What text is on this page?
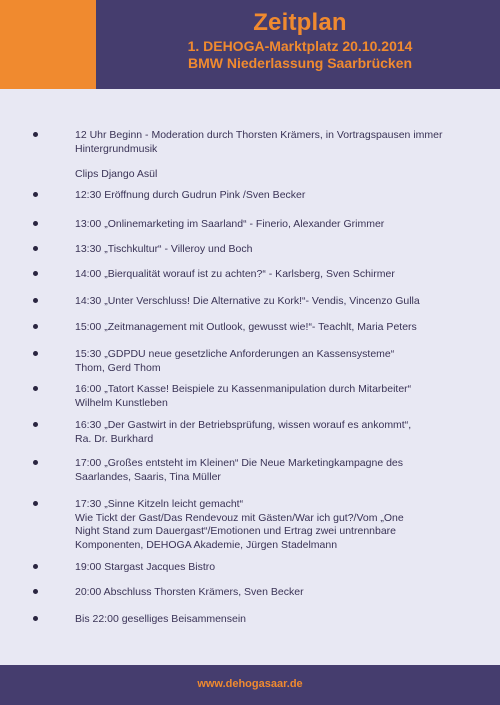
Zeitplan
1. DEHOGA-Marktplatz 20.10.2014
BMW Niederlassung Saarbrücken
12 Uhr Beginn - Moderation durch Thorsten Krämers, in Vortragspausen immer
Hintergrundmusik
Clips Django Asül
12:30 Eröffnung durch Gudrun Pink /Sven Becker
13:00 „Onlinemarketing im Saarland“ - Finerio, Alexander Grimmer
13:30 „Tischkultur“ - Villeroy und Boch
14:00 „Bierqualität worauf ist zu achten?“ - Karlsberg, Sven Schirmer
14:30 „Unter Verschluss! Die Alternative zu Kork!“- Vendis, Vincenzo Gulla
15:00 „Zeitmanagement mit Outlook, gewusst wie!“- Teachlt, Maria Peters
15:30 „GDPDU neue gesetzliche Anforderungen an Kassensysteme“
Thom, Gerd Thom
16:00 „Tatort Kasse! Beispiele zu Kassenmanipulation durch Mitarbeiter“
Wilhelm Kunstleben
16:30 „Der Gastwirt in der Betriebsprüfung, wissen worauf es ankommt“,
Ra. Dr. Burkhard
17:00 „Großes entsteht im Kleinen“ Die Neue Marketingkampagne des
Saarlandes, Saaris, Tina Müller
17:30 „Sinne Kitzeln leicht gemacht“
Wie Tickt der Gast/Das Rendevouz mit Gästen/War ich gut?/Vom „One
Night Stand zum Dauergast“/Emotionen und Ertrag zwei untrennbare
Komponenten, DEHOGA Akademie, Jürgen Stadelmann
19:00 Stargast Jacques Bistro
20:00 Abschluss Thorsten Krämers, Sven Becker
Bis 22:00 geselliges Beisammensein
www.dehogasaar.de
